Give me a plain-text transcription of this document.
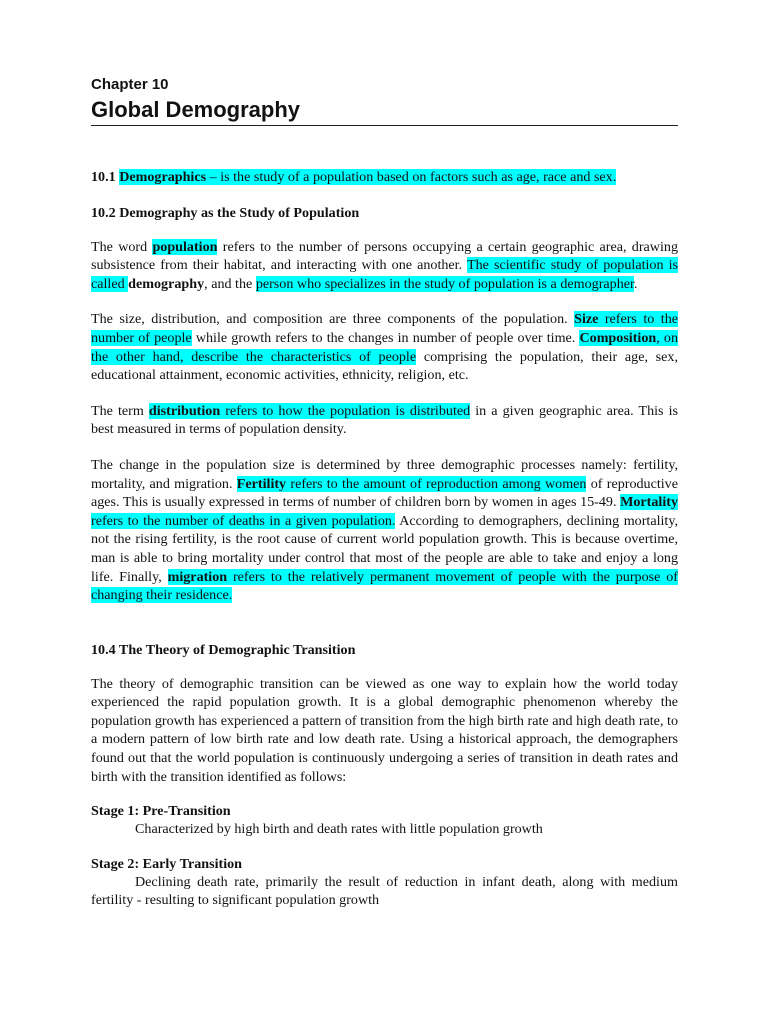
Chapter 10

Global Demography

10.1 Demographics – is the study of a population based on factors such as age, race and sex.

10.2 Demography as the Study of Population

The word population refers to the number of persons occupying a certain geographic area, drawing subsistence from their habitat, and interacting with one another. The scientific study of population is called demography, and the person who specializes in the study of population is a demographer.

The size, distribution, and composition are three components of the population. Size refers to the number of people while growth refers to the changes in number of people over time. Composition, on the other hand, describe the characteristics of people comprising the population, their age, sex, educational attainment, economic activities, ethnicity, religion, etc.

The term distribution refers to how the population is distributed in a given geographic area. This is best measured in terms of population density.

The change in the population size is determined by three demographic processes namely: fertility, mortality, and migration. Fertility refers to the amount of reproduction among women of reproductive ages. This is usually expressed in terms of number of children born by women in ages 15-49. Mortality refers to the number of deaths in a given population. According to demographers, declining mortality, not the rising fertility, is the root cause of current world population growth. This is because overtime, man is able to bring mortality under control that most of the people are able to take and enjoy a long life. Finally, migration refers to the relatively permanent movement of people with the purpose of changing their residence.

10.4 The Theory of Demographic Transition

The theory of demographic transition can be viewed as one way to explain how the world today experienced the rapid population growth. It is a global demographic phenomenon whereby the population growth has experienced a pattern of transition from the high birth rate and high death rate, to a modern pattern of low birth rate and low death rate. Using a historical approach, the demographers found out that the world population is continuously undergoing a series of transition in death rates and birth with the transition identified as follows:

Stage 1: Pre-Transition

Characterized by high birth and death rates with little population growth

Stage 2: Early Transition

Declining death rate, primarily the result of reduction in infant death, along with medium fertility - resulting to significant population growth
